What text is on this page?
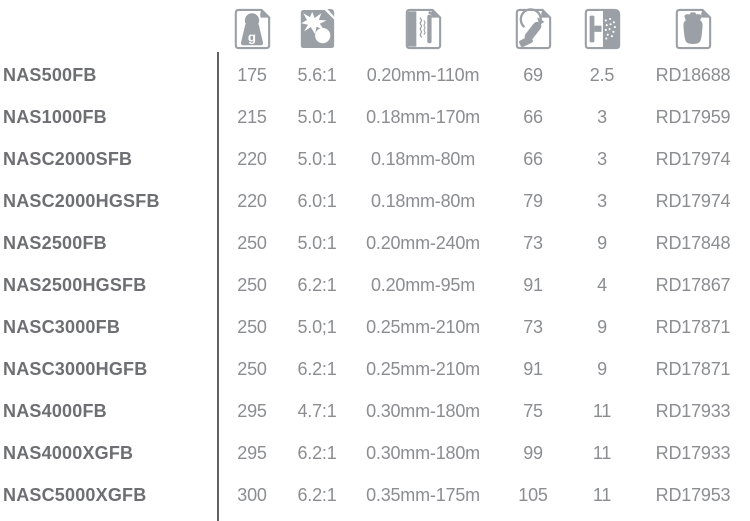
g
NAS500FB	175	5.6:1	0.20mm-110m	69	2.5	RD18688
NAS1000FB	215	5.0:1	0.18mm-170m	66	3	RD17959
NASC2000SFB	220	5.0:1	0.18mm-80m	66	3	RD17974
NASC2000HGSFB	220	6.0:1	0.18mm-80m	79	3	RD17974
NAS2500FB	250	5.0:1	0.20mm-240m	73	9	RD17848
NAS2500HGSFB	250	6.2:1	0.20mm-95m	91	4	RD17867
NASC3000FB	250	5.0;1	0.25mm-210m	73	9	RD17871
NASC3000HGFB	250	6.2:1	0.25mm-210m	91	9	RD17871
NAS4000FB	295	4.7:1	0.30mm-180m	75	11	RD17933
NAS4000XGFB	295	6.2:1	0.30mm-180m	99	11	RD17933
NASC5000XGFB	300	6.2:1	0.35mm-175m	105	11	RD17953
